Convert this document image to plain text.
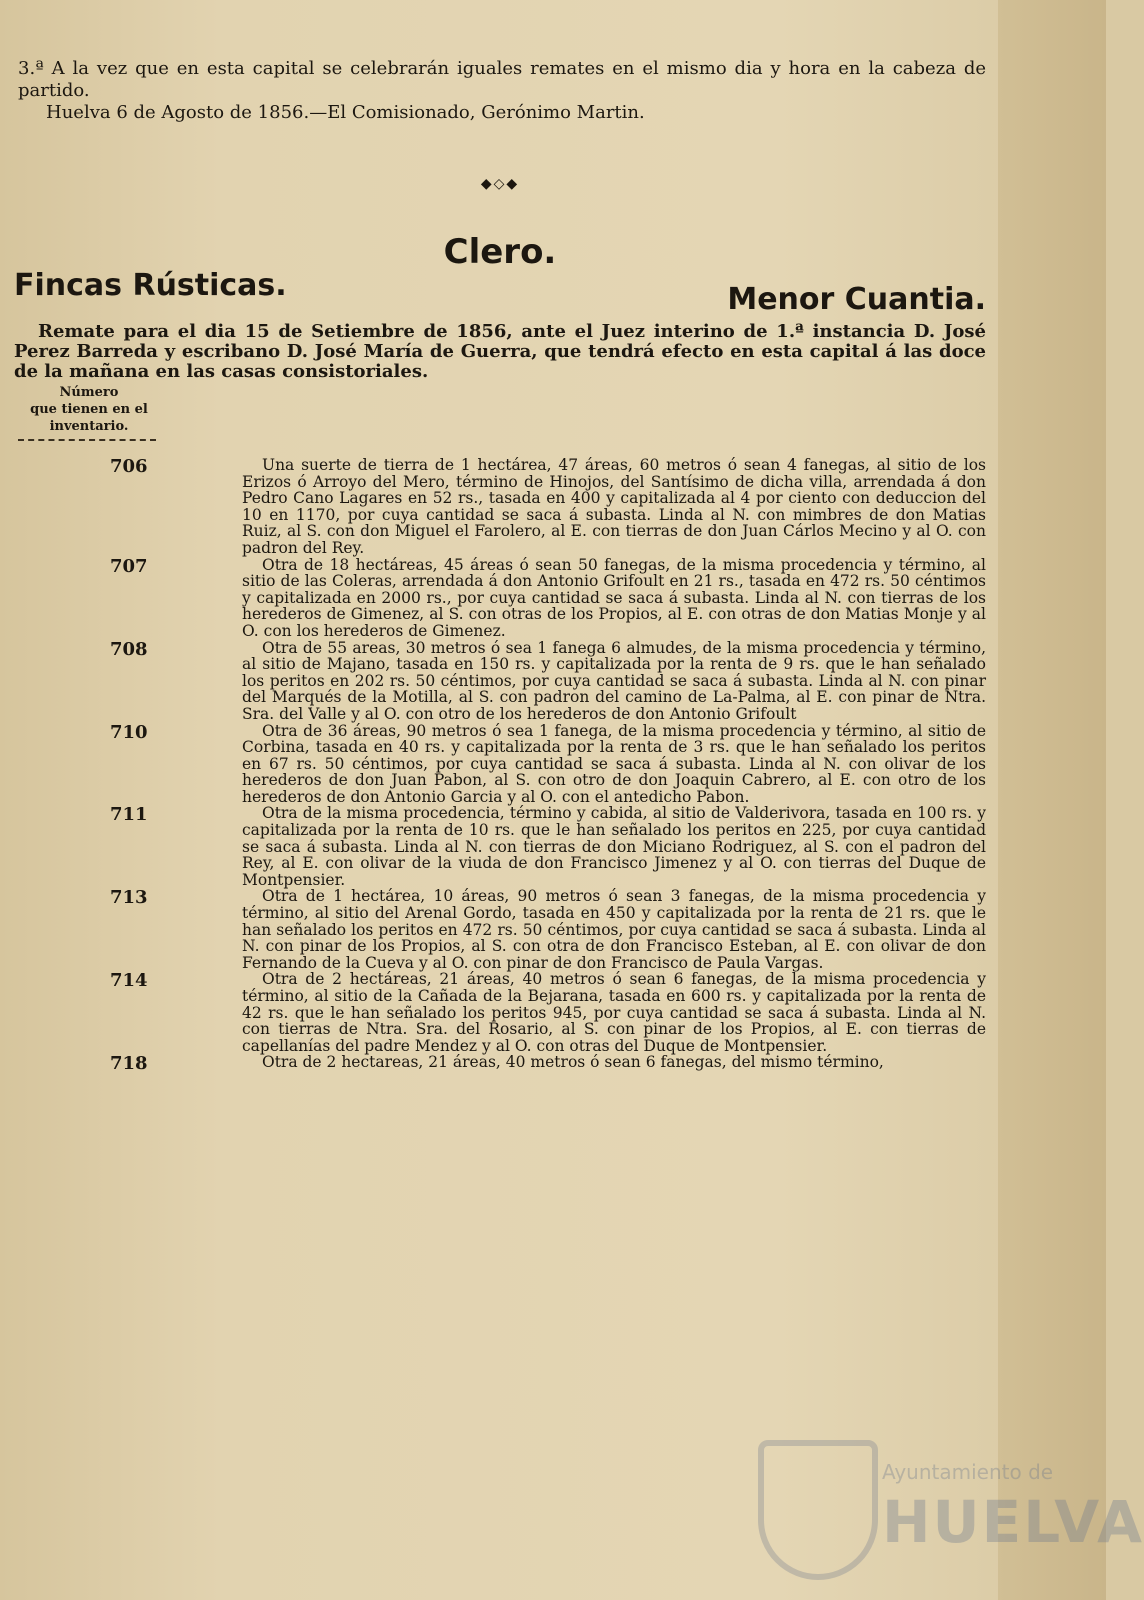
3.ª A la vez que en esta capital se celebrarán iguales remates en el mismo dia y hora en la cabeza de partido.

Huelva 6 de Agosto de 1856.—El Comisionado, Gerónimo Martin.

◆◇◆
Clero.
Fincas Rústicas.	Menor Cuantia.

Remate para el dia 15 de Setiembre de 1856, ante el Juez interino de 1.ª instancia D. José Perez Barreda y escribano D. José María de Guerra, que tendrá efecto en esta capital á las doce de la mañana en las casas consistoriales.

Número
que tienen en el
inventario.
706	Una suerte de tierra de 1 hectárea, 47 áreas, 60 metros ó sean 4 fanegas, al sitio de los Erizos ó Arroyo del Mero, término de Hinojos, del Santísimo de dicha villa, arrendada á don Pedro Cano Lagares en 52 rs., tasada en 400 y capitalizada al 4 por ciento con deduccion del 10 en 1170, por cuya cantidad se saca á subasta. Linda al N. con mimbres de don Matias Ruiz, al S. con don Miguel el Farolero, al E. con tierras de don Juan Cárlos Mecino y al O. con padron del Rey.

707	Otra de 18 hectáreas, 45 áreas ó sean 50 fanegas, de la misma procedencia y término, al sitio de las Coleras, arrendada á don Antonio Grifoult en 21 rs., tasada en 472 rs. 50 céntimos y capitalizada en 2000 rs., por cuya cantidad se saca á subasta. Linda al N. con tierras de los herederos de Gimenez, al S. con otras de los Propios, al E. con otras de don Matias Monje y al O. con los herederos de Gimenez.

708	Otra de 55 areas, 30 metros ó sea 1 fanega 6 almudes, de la misma procedencia y término, al sitio de Majano, tasada en 150 rs. y capitalizada por la renta de 9 rs. que le han señalado los peritos en 202 rs. 50 céntimos, por cuya cantidad se saca á subasta. Linda al N. con pinar del Marqués de la Motilla, al S. con padron del camino de La-Palma, al E. con pinar de Ntra. Sra. del Valle y al O. con otro de los herederos de don Antonio Grifoult

710	Otra de 36 áreas, 90 metros ó sea 1 fanega, de la misma procedencia y término, al sitio de Corbina, tasada en 40 rs. y capitalizada por la renta de 3 rs. que le han señalado los peritos en 67 rs. 50 céntimos, por cuya cantidad se saca á subasta. Linda al N. con olivar de los herederos de don Juan Pabon, al S. con otro de don Joaquin Cabrero, al E. con otro de los herederos de don Antonio Garcia y al O. con el antedicho Pabon.

711	Otra de la misma procedencia, término y cabida, al sitio de Valderivora, tasada en 100 rs. y capitalizada por la renta de 10 rs. que le han señalado los peritos en 225, por cuya cantidad se saca á subasta. Linda al N. con tierras de don Miciano Rodriguez, al S. con el padron del Rey, al E. con olivar de la viuda de don Francisco Jimenez y al O. con tierras del Duque de Montpensier.

713	Otra de 1 hectárea, 10 áreas, 90 metros ó sean 3 fanegas, de la misma procedencia y término, al sitio del Arenal Gordo, tasada en 450 y capitalizada por la renta de 21 rs. que le han señalado los peritos en 472 rs. 50 céntimos, por cuya cantidad se saca á subasta. Linda al N. con pinar de los Propios, al S. con otra de don Francisco Esteban, al E. con olivar de don Fernando de la Cueva y al O. con pinar de don Francisco de Paula Vargas.

714	Otra de 2 hectáreas, 21 áreas, 40 metros ó sean 6 fanegas, de la misma procedencia y término, al sitio de la Cañada de la Bejarana, tasada en 600 rs. y capitalizada por la renta de 42 rs. que le han señalado los peritos 945, por cuya cantidad se saca á subasta. Linda al N. con tierras de Ntra. Sra. del Rosario, al S. con pinar de los Propios, al E. con tierras de capellanías del padre Mendez y al O. con otras del Duque de Montpensier.

718	Otra de 2 hectareas, 21 áreas, 40 metros ó sean 6 fanegas, del mismo término,

Ayuntamiento de
HUELVA
